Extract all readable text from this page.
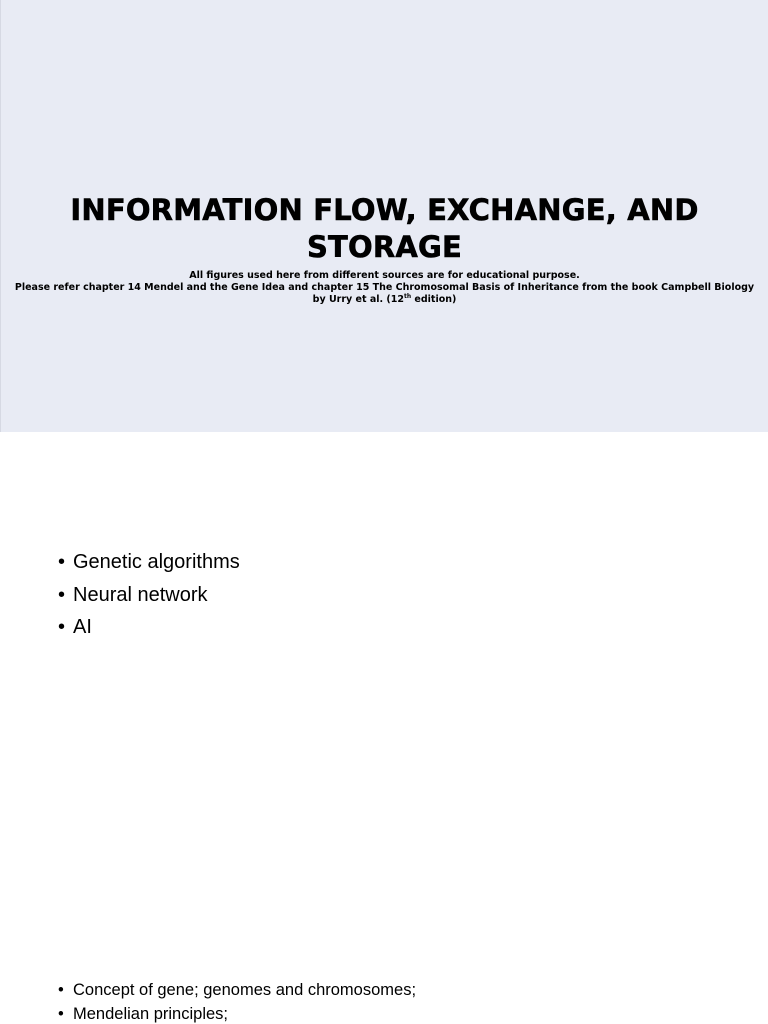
INFORMATION FLOW, EXCHANGE, AND STORAGE

All figures used here from different sources are for educational purpose.
Please refer chapter 14 Mendel and the Gene Idea and chapter 15 The Chromosomal Basis of Inheritance from the book Campbell Biology by Urry et al. (12th edition)

• Genetic algorithms
• Neural network
• AI
• Concept of gene; genomes and chromosomes;
• Mendelian principles;
